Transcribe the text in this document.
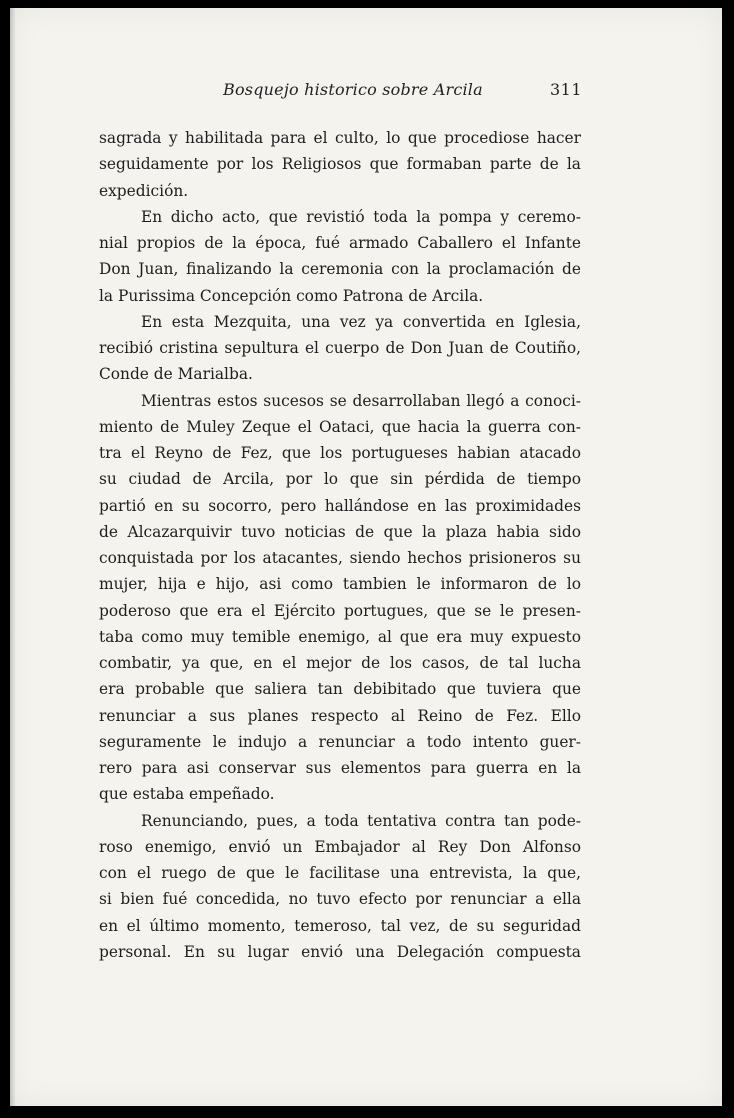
Bosquejo historico sobre Arcila	311
sagrada y habilitada para el culto, lo que procediose hacer
seguidamente por los Religiosos que formaban parte de la
expedición.
En dicho acto, que revistió toda la pompa y ceremo-
nial propios de la época, fué armado Caballero el Infante
Don Juan, finalizando la ceremonia con la proclamación de
la Purissima Concepción como Patrona de Arcila.
En esta Mezquita, una vez ya convertida en Iglesia,
recibió cristina sepultura el cuerpo de Don Juan de Coutiño,
Conde de Marialba.
Mientras estos sucesos se desarrollaban llegó a conoci-
miento de Muley Zeque el Oataci, que hacia la guerra con-
tra el Reyno de Fez, que los portugueses habian atacado
su ciudad de Arcila, por lo que sin pérdida de tiempo
partió en su socorro, pero hallándose en las proximidades
de Alcazarquivir tuvo noticias de que la plaza habia sido
conquistada por los atacantes, siendo hechos prisioneros su
mujer, hija e hijo, asi como tambien le informaron de lo
poderoso que era el Ejército portugues, que se le presen-
taba como muy temible enemigo, al que era muy expuesto
combatir, ya que, en el mejor de los casos, de tal lucha
era probable que saliera tan debibitado que tuviera que
renunciar a sus planes respecto al Reino de Fez. Ello
seguramente le indujo a renunciar a todo intento guer-
rero para asi conservar sus elementos para guerra en la
que estaba empeñado.
Renunciando, pues, a toda tentativa contra tan pode-
roso enemigo, envió un Embajador al Rey Don Alfonso
con el ruego de que le facilitase una entrevista, la que,
si bien fué concedida, no tuvo efecto por renunciar a ella
en el último momento, temeroso, tal vez, de su seguridad
personal. En su lugar envió una Delegación compuesta
